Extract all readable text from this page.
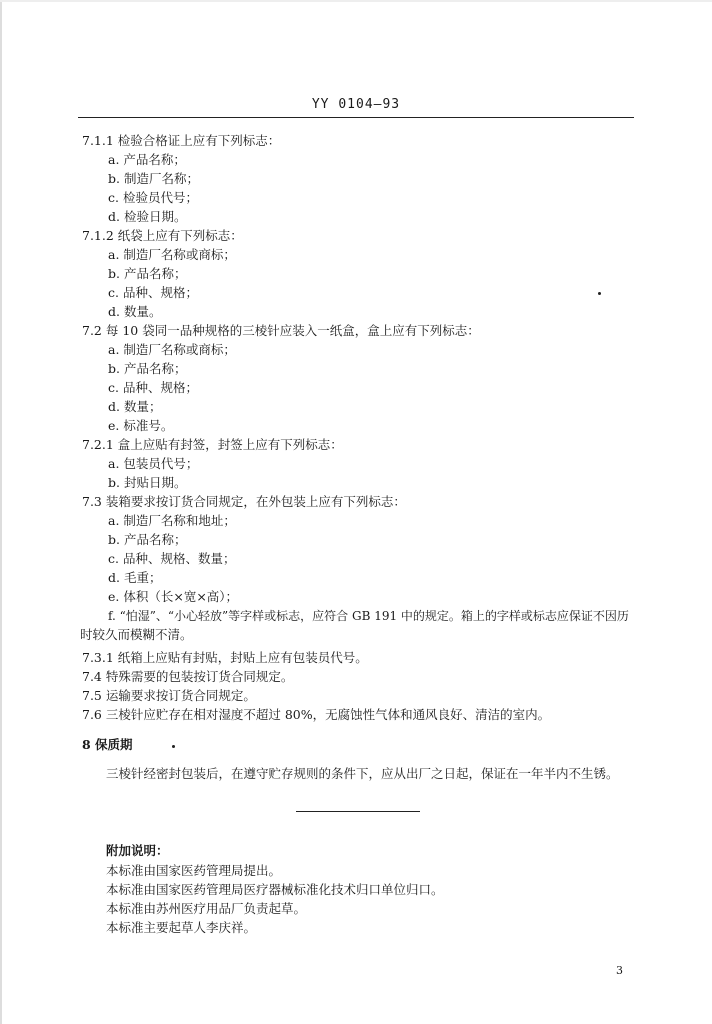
YY 0104—93
7.1.1 检验合格证上应有下列标志：
a. 产品名称；
b. 制造厂名称；
c. 检验员代号；
d. 检验日期。
7.1.2 纸袋上应有下列标志：
a. 制造厂名称或商标；
b. 产品名称；
c. 品种、规格；
d. 数量。
7.2 每 10 袋同一品种规格的三棱针应装入一纸盒，盒上应有下列标志：
a. 制造厂名称或商标；
b. 产品名称；
c. 品种、规格；
d. 数量；
e. 标准号。
7.2.1 盒上应贴有封签，封签上应有下列标志：
a. 包装员代号；
b. 封贴日期。
7.3 装箱要求按订货合同规定，在外包装上应有下列标志：
a. 制造厂名称和地址；
b. 产品名称；
c. 品种、规格、数量；
d. 毛重；
e. 体积（长×宽×高）；
f. “怕湿”、“小心轻放”等字样或标志，应符合 GB 191 中的规定。箱上的字样或标志应保证不因历
时较久而模糊不清。
7.3.1 纸箱上应贴有封贴，封贴上应有包装员代号。
7.4 特殊需要的包装按订货合同规定。
7.5 运输要求按订货合同规定。
7.6 三棱针应贮存在相对湿度不超过 80%，无腐蚀性气体和通风良好、清洁的室内。
8 保质期
三棱针经密封包装后，在遵守贮存规则的条件下，应从出厂之日起，保证在一年半内不生锈。
附加说明：
本标准由国家医药管理局提出。
本标准由国家医药管理局医疗器械标准化技术归口单位归口。
本标准由苏州医疗用品厂负责起草。
本标准主要起草人李庆祥。
3
